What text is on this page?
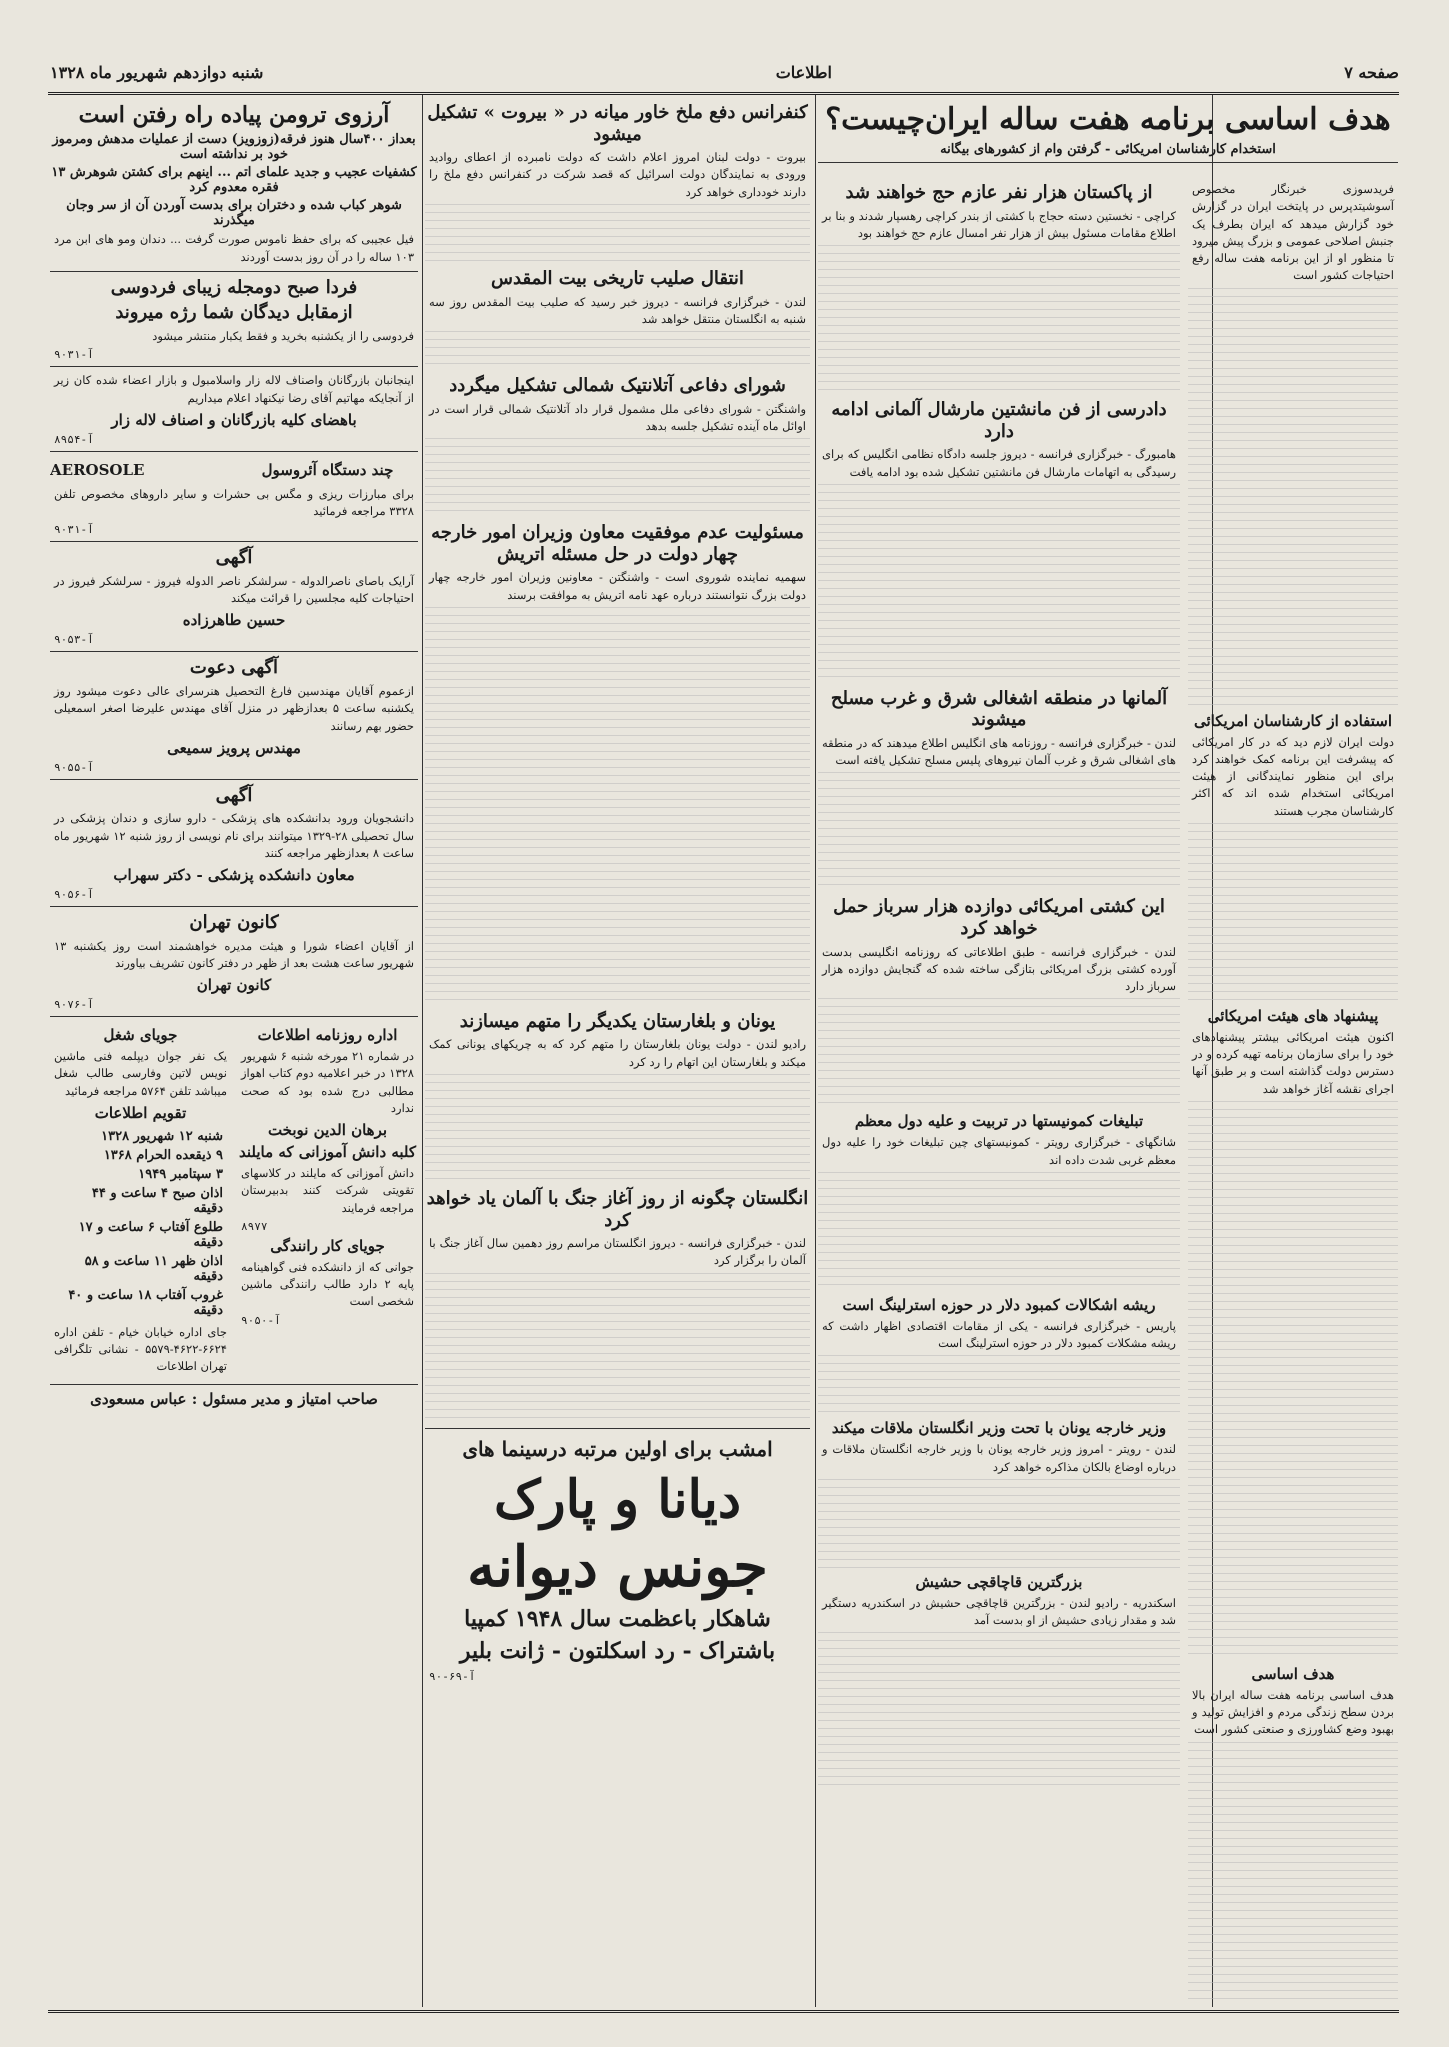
صفحه ۷
اطلاعات
شنبه دوازدهم شهریور ماه ۱۳۲۸
هدف اساسی برنامه هفت ساله ایران‌چیست؟
استخدام کارشناسان امریکائی - گرفتن وام از کشورهای بیگانه
فریدسوزی خبرنگار مخصوص آسوشیتدپرس در پایتخت ایران در گزارش خود گزارش میدهد که ایران بطرف یک جنبش اصلاحی عمومی و بزرگ پیش میرود تا منظور او از این برنامه هفت ساله رفع احتیاجات کشور است
استفاده از کارشناسان امریکائی
دولت ایران لازم دید که در کار امریکائی که پیشرفت این برنامه کمک خواهند کرد برای این منظور نمایندگانی از هیئت امریکائی استخدام شده اند که اکثر کارشناسان مجرب هستند
پیشنهاد های هیئت امریکائی
اکنون هیئت امریکائی بیشتر پیشنهادهای خود را برای سازمان برنامه تهیه کرده و در دسترس دولت گذاشته است و بر طبق آنها اجرای نقشه آغاز خواهد شد
هدف اساسی
هدف اساسی برنامه هفت ساله ایران بالا بردن سطح زندگی مردم و افزایش تولید و بهبود وضع کشاورزی و صنعتی کشور است
از پاکستان هزار نفر عازم حج خواهند شد
کراچی - نخستین دسته حجاج با کشتی از بندر کراچی رهسپار شدند و بنا بر اطلاع مقامات مسئول بیش از هزار نفر امسال عازم حج خواهند بود
دادرسی از فن مانشتین مارشال آلمانی ادامه دارد
هامبورگ - خبرگزاری فرانسه - دیروز جلسه دادگاه نظامی انگلیس که برای رسیدگی به اتهامات مارشال فن مانشتین تشکیل شده بود ادامه یافت
آلمانها در منطقه اشغالی شرق و غرب مسلح میشوند
لندن - خبرگزاری فرانسه - روزنامه های انگلیس اطلاع میدهند که در منطقه های اشغالی شرق و غرب آلمان نیروهای پلیس مسلح تشکیل یافته است
این کشتی امریکائی دوازده هزار سرباز حمل خواهد کرد
لندن - خبرگزاری فرانسه - طبق اطلاعاتی که روزنامه انگلیسی بدست آورده کشتی بزرگ امریکائی بتازگی ساخته شده که گنجایش دوازده هزار سرباز دارد
تبلیغات کمونیستها در تربیت و علیه دول معظم
شانگهای - خبرگزاری رویتر - کمونیستهای چین تبلیغات خود را علیه دول معظم غربی شدت داده اند
ریشه اشکالات کمبود دلار در حوزه استرلینگ است
پاریس - خبرگزاری فرانسه - یکی از مقامات اقتصادی اظهار داشت که ریشه مشکلات کمبود دلار در حوزه استرلینگ است
وزیر خارجه یونان با تحت وزیر انگلستان ملاقات میکند
لندن - رویتر - امروز وزیر خارجه یونان با وزیر خارجه انگلستان ملاقات و درباره اوضاع بالکان مذاکره خواهد کرد
بزرگترین قاچاقچی حشیش
اسکندریه - رادیو لندن - بزرگترین قاچاقچی حشیش در اسکندریه دستگیر شد و مقدار زیادی حشیش از او بدست آمد
کنفرانس دفع ملخ خاور میانه در « بیروت » تشکیل میشود
بیروت - دولت لبنان امروز اعلام داشت که دولت نامبرده از اعطای روادید ورودی به نمایندگان دولت اسرائیل که قصد شرکت در کنفرانس دفع ملخ را دارند خودداری خواهد کرد
انتقال صلیب تاریخی بیت المقدس
لندن - خبرگزاری فرانسه - دیروز خبر رسید که صلیب بیت المقدس روز سه شنبه به انگلستان منتقل خواهد شد
شورای دفاعی آتلانتیک شمالی تشکیل میگردد
واشنگتن - شورای دفاعی ملل مشمول قرار داد آتلانتیک شمالی قرار است در اوائل ماه آینده تشکیل جلسه بدهد
مسئولیت عدم موفقیت معاون وزیران امور خارجه چهار دولت در حل مسئله اتریش
سهمیه نماینده شوروی است - واشنگتن - معاونین وزیران امور خارجه چهار دولت بزرگ نتوانستند درباره عهد نامه اتریش به موافقت برسند
یونان و بلغارستان یکدیگر را متهم میسازند
رادیو لندن - دولت یونان بلغارستان را متهم کرد که به چریکهای یونانی کمک میکند و بلغارستان این اتهام را رد کرد
انگلستان چگونه از روز آغاز جنگ با آلمان یاد خواهد کرد
لندن - خبرگزاری فرانسه - دیروز انگلستان مراسم روز دهمین سال آغاز جنگ با آلمان را برگزار کرد
امشب برای اولین مرتبه درسینما های
دیانا و پارک
جونس دیوانه
شاهکار باعظمت سال ۱۹۴۸ کمپیا
باشتراک - رد اسکلتون - ژانت بلیر
آ-۶۹-۹۰
آرزوی ترومن پیاده راه رفتن است
بعداز ۴۰۰سال هنوز فرقه(زوزویز) دست از عملیات مدهش ومرموز خود بر نداشته است
کشفیات عجیب و جدید علمای اتم ... اینهم برای کشتن شوهرش ۱۳ فقره معدوم کرد
شوهر کباب شده و دختران برای بدست آوردن آن از سر وجان میگذرند
فیل عجیبی که برای حفظ ناموس صورت گرفت ... دندان ومو های ابن مرد ۱۰۳ ساله را در آن روز بدست آوردند
فردا صبح دومجله زیبای فردوسی
ازمقابل دیدگان شما رژه میروند
فردوسی را از یکشنبه بخرید و فقط یکبار منتشر میشود
آ-۹۰۳۱
اینجانبان بازرگانان واصناف لاله زار واسلامبول و بازار اعضاء شده کان زیر از آنجایکه مهاتیم آقای رضا نیکنهاد اعلام میداریم
باهضای کلیه بازرگانان و اصناف لاله زار
آ-۸۹۵۴
چند دستگاه آئروسول
AEROSOLE
برای مبارزات ریزی و مگس بی حشرات و سایر داروهای مخصوص تلفن ۳۳۲۸ مراجعه فرمائید
آ-۹۰۳۱
آگهی
آرایک باصای ناصرالدوله - سرلشکر ناصر الدوله فیروز - سرلشکر فیروز در احتیاجات کلیه مجلسین را قرائت میکند
حسین طاهرزاده
آ-۹۰۵۳
آگهی دعوت
ازعموم آقایان مهندسین فارغ التحصیل هنرسرای عالی دعوت میشود روز یکشنبه ساعت ۵ بعدازظهر در منزل آقای مهندس علیرضا اصغر اسمعیلی حضور بهم رسانند
مهندس پرویز سمیعی
آ-۹۰۵۵
آگهی
دانشجویان ورود بدانشکده های پزشکی - دارو سازی و دندان پزشکی در سال تحصیلی ۲۸-۱۳۲۹ میتوانند برای نام نویسی از روز شنبه ۱۲ شهریور ماه ساعت ۸ بعدازظهر مراجعه کنند
معاون دانشکده پزشکی - دکتر سهراب
آ-۹۰۵۶
کانون تهران
از آقایان اعضاء شورا و هیئت مدیره خواهشمند است روز یکشنبه ۱۳ شهریور ساعت هشت بعد از ظهر در دفتر کانون تشریف بیاورند
کانون تهران
آ-۹۰۷۶
اداره روزنامه اطلاعات
در شماره ۲۱ مورخه شنبه ۶ شهریور ۱۳۲۸ در خبر اعلامیه دوم کتاب اهواز مطالبی درج شده بود که صحت ندارد
برهان الدین نوبخت
کلبه دانش آموزانی که مایلند
دانش آموزانی که مایلند در کلاسهای تقویتی شرکت کنند بدبیرستان مراجعه فرمایند
۸۹۷۷
جویای کار رانندگی
جوانی که از دانشکده فنی گواهینامه پایه ۲ دارد طالب رانندگی ماشین شخصی است
آ-۹۰۵۰
جویای شغل
یک نفر جوان دیپلمه فنی ماشین نویس لاتین وفارسی طالب شغل میباشد تلفن ۵۷۶۴ مراجعه فرمائید
تقویم اطلاعات
شنبه ۱۲ شهریور ۱۳۲۸
۹ ذیقعده الحرام ۱۳۶۸
۳ سپتامبر ۱۹۴۹
اذان صبح ۴ ساعت و ۴۴ دقیقه
طلوع آفتاب ۶ ساعت و ۱۷ دقیقه
اذان ظهر ۱۱ ساعت و ۵۸ دقیقه
غروب آفتاب ۱۸ ساعت و ۴۰ دقیقه
جای اداره خیابان خیام - تلفن اداره ۶۶۲۴-۴۶۲۲-۵۵۷۹ - نشانی تلگرافی تهران اطلاعات
صاحب امتیاز و مدیر مسئول : عباس مسعودی
